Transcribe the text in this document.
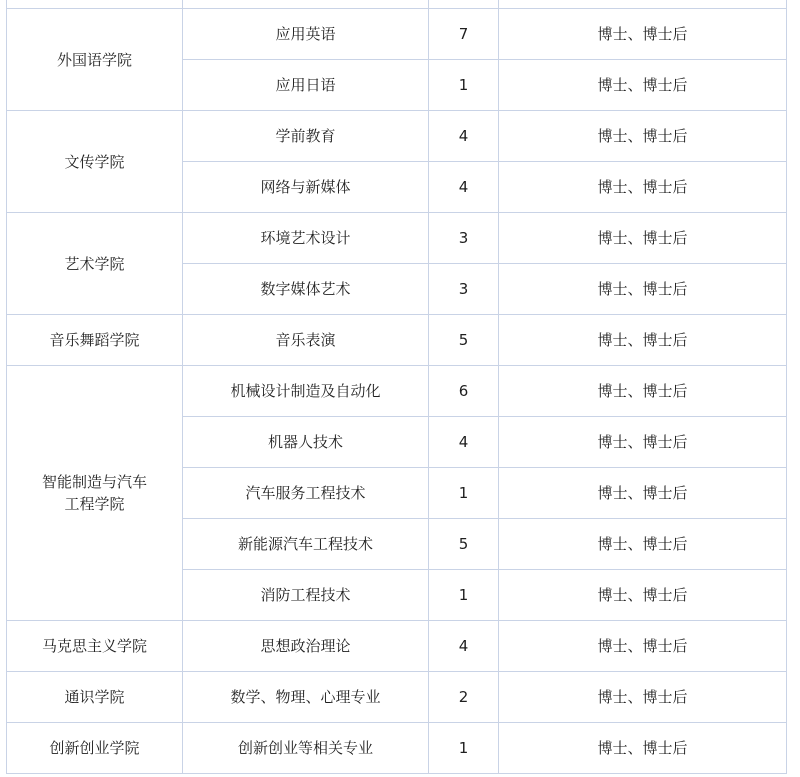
外国语学院	应用英语	7	博士、博士后
	应用日语	1	博士、博士后
文传学院	学前教育	4	博士、博士后
	网络与新媒体	4	博士、博士后
艺术学院	环境艺术设计	3	博士、博士后
	数字媒体艺术	3	博士、博士后
音乐舞蹈学院	音乐表演	5	博士、博士后
智能制造与汽车工程学院	机械设计制造及自动化	6	博士、博士后
	机器人技术	4	博士、博士后
	汽车服务工程技术	1	博士、博士后
	新能源汽车工程技术	5	博士、博士后
	消防工程技术	1	博士、博士后
马克思主义学院	思想政治理论	4	博士、博士后
通识学院	数学、物理、心理专业	2	博士、博士后
创新创业学院	创新创业等相关专业	1	博士、博士后
